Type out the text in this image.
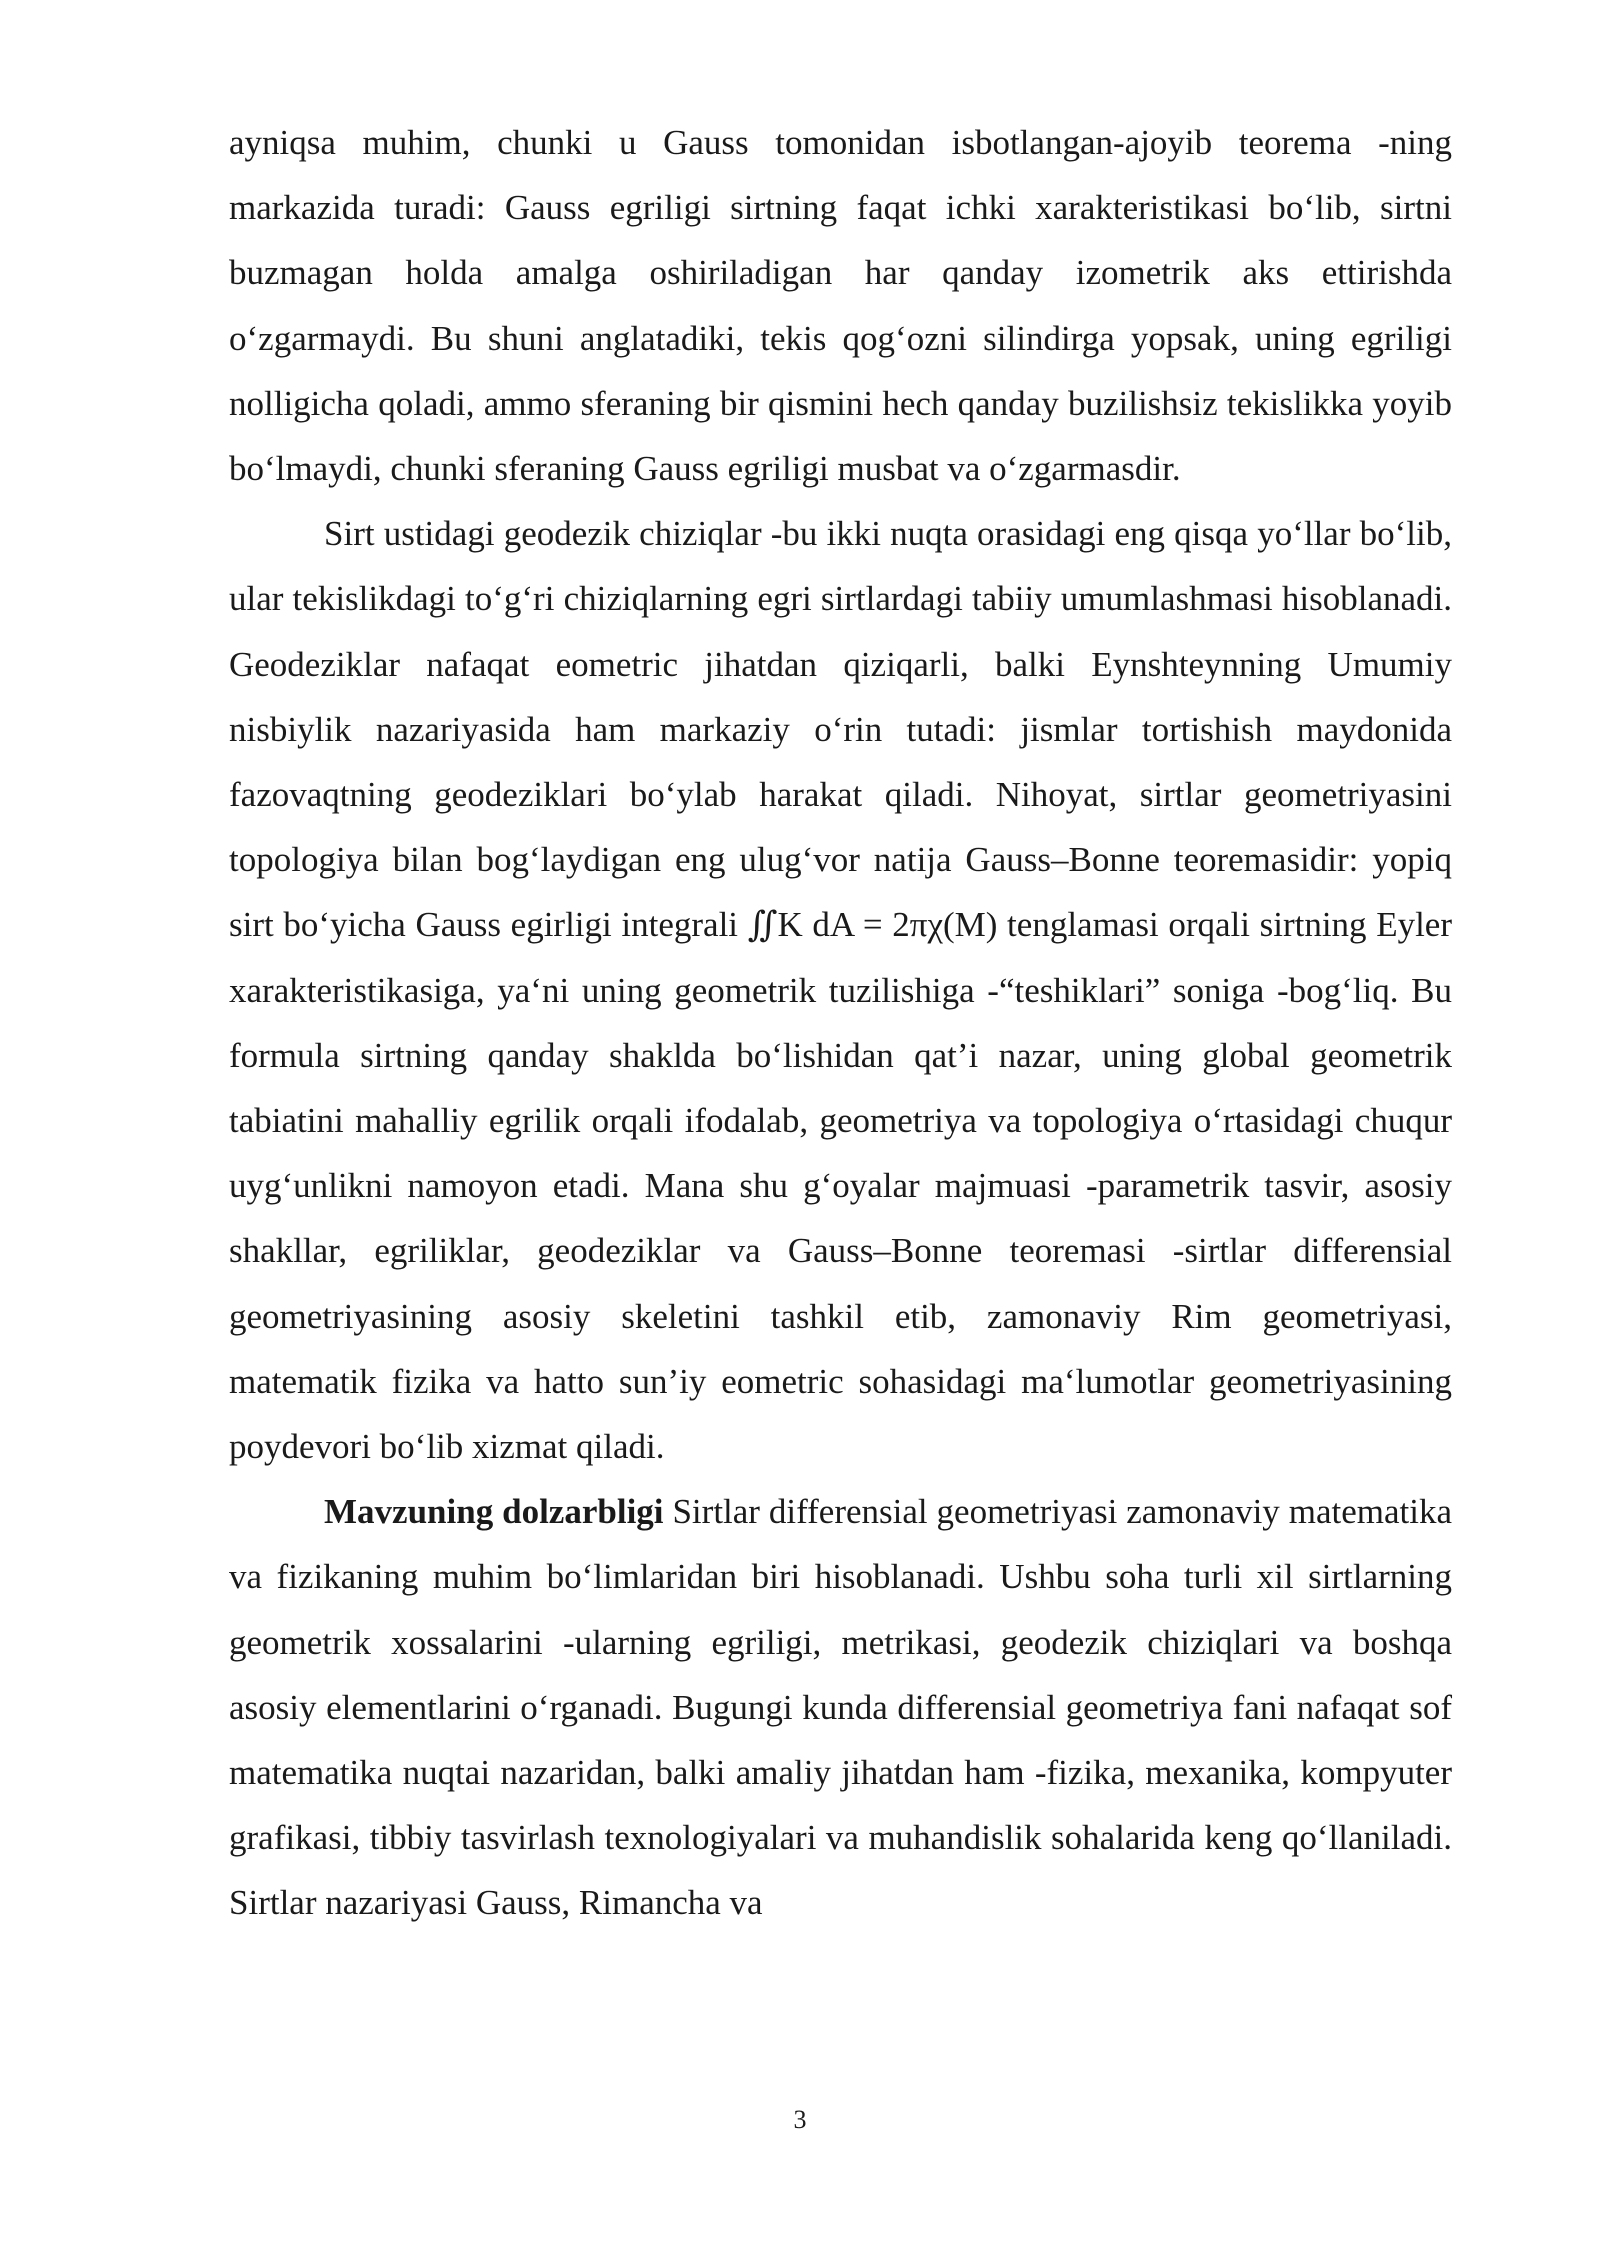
ayniqsa muhim, chunki u Gauss tomonidan isbotlangan-ajoyib teorema -ning markazida turadi: Gauss egriligi sirtning faqat ichki xarakteristikasi bo‘lib, sirtni buzmagan holda amalga oshiriladigan har qanday izometrik aks ettirishda o‘zgarmaydi. Bu shuni anglatadiki, tekis qog‘ozni silindirga yopsak, uning egriligi nolligicha qoladi, ammo sferaning bir qismini hech qanday buzilishsiz tekislikka yoyib bo‘lmaydi, chunki sferaning Gauss egriligi musbat va o‘zgarmasdir.

Sirt ustidagi geodezik chiziqlar -bu ikki nuqta orasidagi eng qisqa yo‘llar bo‘lib, ular tekislikdagi to‘g‘ri chiziqlarning egri sirtlardagi tabiiy umumlashmasi hisoblanadi. Geodeziklar nafaqat eometric jihatdan qiziqarli, balki Eynshteynning Umumiy nisbiylik nazariyasida ham markaziy o‘rin tutadi: jismlar tortishish maydonida fazovaqtning geodeziklari bo‘ylab harakat qiladi. Nihoyat, sirtlar geometriyasini topologiya bilan bog‘laydigan eng ulug‘vor natija Gauss–Bonne teoremasidir: yopiq sirt bo‘yicha Gauss egirligi integrali ∬K dA = 2πχ(M) tenglamasi orqali sirtning Eyler xarakteristikasiga, ya‘ni uning geometrik tuzilishiga -“teshiklari” soniga -bog‘liq. Bu formula sirtning qanday shaklda bo‘lishidan qat’i nazar, uning global geometrik tabiatini mahalliy egrilik orqali ifodalab, geometriya va topologiya o‘rtasidagi chuqur uyg‘unlikni namoyon etadi. Mana shu g‘oyalar majmuasi -parametrik tasvir, asosiy shakllar, egriliklar, geodeziklar va Gauss–Bonne teoremasi -sirtlar differensial geometriyasining asosiy skeletini tashkil etib, zamonaviy Rim geometriyasi, matematik fizika va hatto sun’iy eometric sohasidagi ma‘lumotlar geometriyasining poydevori bo‘lib xizmat qiladi.

Mavzuning dolzarbligi Sirtlar differensial geometriyasi zamonaviy matematika va fizikaning muhim bo‘limlaridan biri hisoblanadi. Ushbu soha turli xil sirtlarning geometrik xossalarini -ularning egriligi, metrikasi, geodezik chiziqlari va boshqa asosiy elementlarini o‘rganadi. Bugungi kunda differensial geometriya fani nafaqat sof matematika nuqtai nazaridan, balki amaliy jihatdan ham -fizika, mexanika, kompyuter grafikasi, tibbiy tasvirlash texnologiyalari va muhandislik sohalarida keng qo‘llaniladi. Sirtlar nazariyasi Gauss, Rimancha va

3
